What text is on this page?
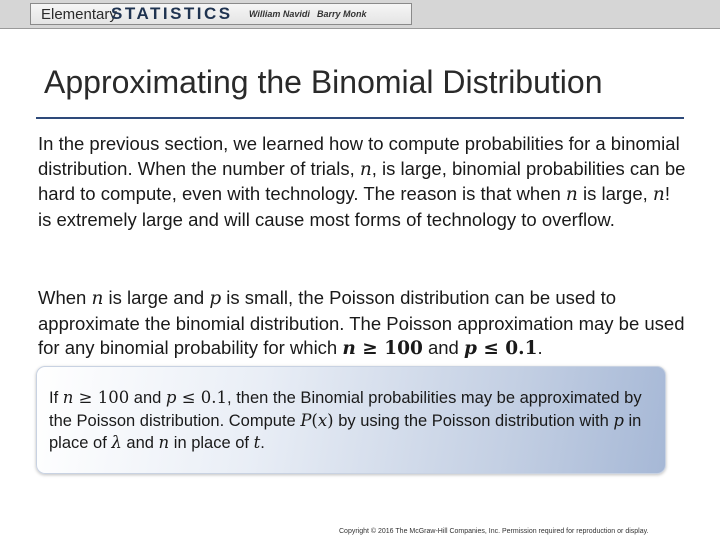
Elementary
STATISTICS William Navidi Barry Monk
Approximating the Binomial Distribution

In the previous section, we learned how to compute probabilities for a binomial distribution. When the number of trials, n, is large, binomial probabilities can be hard to compute, even with technology. The reason is that when n is large, n! is extremely large and will cause most forms of technology to overflow.

When n is large and p is small, the Poisson distribution can be used to approximate the binomial distribution. The Poisson approximation may be used for any binomial probability for which n ≥ 100 and p ≤ 0.1.

If n ≥ 100 and p ≤ 0.1, then the Binomial probabilities may be approximated by the Poisson distribution. Compute P(x) by using the Poisson distribution with p in place of λ and n in place of t.

Copyright © 2016 The McGraw-Hill Companies, Inc. Permission required for reproduction or display.
